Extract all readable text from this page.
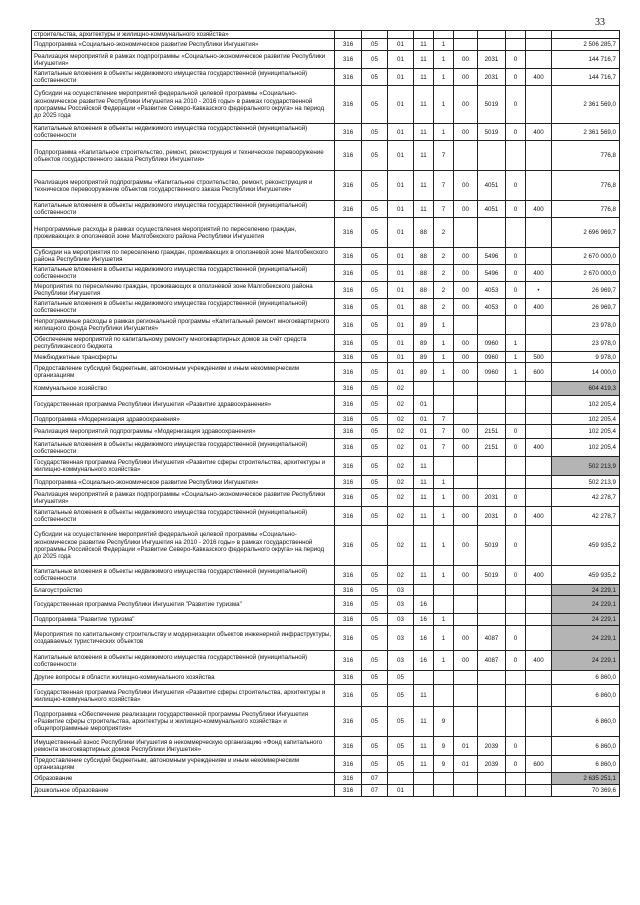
33
строительства, архитектуры и жилищно-коммунального хозяйства»										
Подпрограмма «Социально-экономическое развитие Республики Ингушетия»	316	05	01	11	1					2 506 285,7
Реализация мероприятий в рамках подпрограммы «Социально-экономическое развитие Республики Ингушетия»	316	05	01	11	1	00	2031	0		144 716,7
Капитальные вложения в объекты недвижимого имущества государственной (муниципальной) собственности	316	05	01	11	1	00	2031	0	400	144 716,7
Субсидии на осуществление мероприятий федеральной целевой программы «Социально-экономическое развитие Республики Ингушетия на 2010 - 2016 годы» в рамках государственной программы Российской Федерации «Развитие Северо-Кавказского федерального округа» на период до 2025 года	316	05	01	11	1	00	5019	0		2 361 569,0
Капитальные вложения в объекты недвижимого имущества государственной (муниципальной) собственности	316	05	01	11	1	00	5019	0	400	2 361 569,0
Подпрограмма «Капитальное строительство, ремонт, реконструкция и техническое перевооружение объектов государственного заказа Республики Ингушетия»	316	05	01	11	7					776,8
Реализация мероприятий подпрограммы «Капитальное строительство, ремонт, реконструкция и техническое перевооружение объектов государственного заказа Республики Ингушетия»	316	05	01	11	7	00	4051	0		776,8
Капитальные вложения в объекты недвижимого имущества государственной (муниципальной) собственности	316	05	01	11	7	00	4051	0	400	776,8
Непрограммные расходы в рамках осуществления мероприятий по переселению граждан, проживающих в оползневой зоне Малгобекского района Республики Ингушетия	316	05	01	88	2					2 696 969,7
Субсидии на мероприятия по переселению граждан, проживающих в оползневой зоне Малгобекского района Республики Ингушетия	316	05	01	88	2	00	5496	0		2 670 000,0
Капитальные вложения в объекты недвижимого имущества государственной (муниципальной) собственности	316	05	01	88	2	00	5496	0	400	2 670 000,0
Мероприятия по переселению граждан, проживающих в оползневой зоне Малгобекского района Республики Ингушетия	316	05	01	88	2	00	4053	0	•	26 969,7
Капитальные вложения в объекты недвижимого имущества государственной (муниципальной) собственности	316	05	01	88	2	00	4053	0	400	26 969,7
Непрограммные расходы в рамках региональной программы «Капитальный ремонт многоквартирного жилищного фонда Республики Ингушетия»	316	05	01	89	1					23 978,0
Обеспечение мероприятий по капитальному ремонту многоквартирных домов за счёт средств республиканского бюджета	316	05	01	89	1	00	0960	1		23 978,0
Межбюджетные трансферты	316	05	01	89	1	00	0960	1	500	9 978,0
Предоставление субсидий бюджетным, автономным учреждениям и иным некоммерческим организациям	316	05	01	89	1	00	0960	1	600	14 000,0
Коммунальное хозяйство	316	05	02							604 419,3
Государственная программа Республики Ингушетия «Развитие здравоохранения»	316	05	02	01						102 205,4
Подпрограмма «Модернизация здравоохранения»	316	05	02	01	7					102 205,4
Реализация мероприятий подпрограммы «Модернизация здравоохранения»	316	05	02	01	7	00	2151	0		102 205,4
Капитальные вложения в объекты недвижимого имущества государственной (муниципальной) собственности	316	05	02	01	7	00	2151	0	400	102 205,4
Государственная программа Республики Ингушетия «Развитие сферы строительства, архитектуры и жилищно-коммунального хозяйства»	316	05	02	11						502 213,9
Подпрограмма «Социально-экономическое развитие Республики Ингушетия»	316	05	02	11	1					502 213,9
Реализация мероприятий в рамках подпрограммы «Социально-экономическое развитие Республики Ингушетия»	316	05	02	11	1	00	2031	0		42 278,7
Капитальные вложения в объекты недвижимого имущества государственной (муниципальной) собственности	316	05	02	11	1	00	2031	0	400	42 278,7
Субсидии на осуществление мероприятий федеральной целевой программы «Социально-экономическое развитие Республики Ингушетия на 2010 - 2016 годы» в рамках государственной программы Российской Федерации «Развитие Северо-Кавказского федерального округа» на период до 2025 года	316	05	02	11	1	00	5019	0		459 935,2
Капитальные вложения в объекты недвижимого имущества государственной (муниципальной) собственности	316	05	02	11	1	00	5019	0	400	459 935,2
Благоустройство	316	05	03							24 229,1
Государственная программа Республики Ингушетия "Развитие туризма"	316	05	03	16						24 229,1
Подпрограмма "Развитие туризма"	316	05	03	16	1					24 229,1
Мероприятия по капитальному строительству и модернизации объектов инженерной инфраструктуры, создаваемых туристических объектов	316	05	03	16	1	00	4087	0		24 229,1
Капитальные вложения в объекты недвижимого имущества государственной (муниципальной) собственности	316	05	03	16	1	00	4087	0	400	24 229,1
Другие вопросы в области жилищно-коммунального хозяйства	316	05	05							6 860,0
Государственная программа Республики Ингушетия «Развитие сферы строительства, архитектуры и жилищно-коммунального хозяйства»	316	05	05	11						6 860,0
Подпрограмма «Обеспечение реализации государственной программы Республики Ингушетия «Развитие сферы строительства, архитектуры и жилищно-коммунального хозяйства» и общепрограммные мероприятия»	316	05	05	11	9					6 860,0
Имущественный взнос Республики Ингушетия в некоммерческую организацию «Фонд капитального ремонта многоквартирных домов Республики Ингушетия»	316	05	05	11	9	01	2039	0		6 860,0
Предоставление субсидий бюджетным, автономным учреждениям и иным некоммерческим организациям	316	05	05	11	9	01	2039	0	600	6 860,0
Образование	316	07								2 635 251,1
Дошкольное образование	316	07	01							70 369,6
